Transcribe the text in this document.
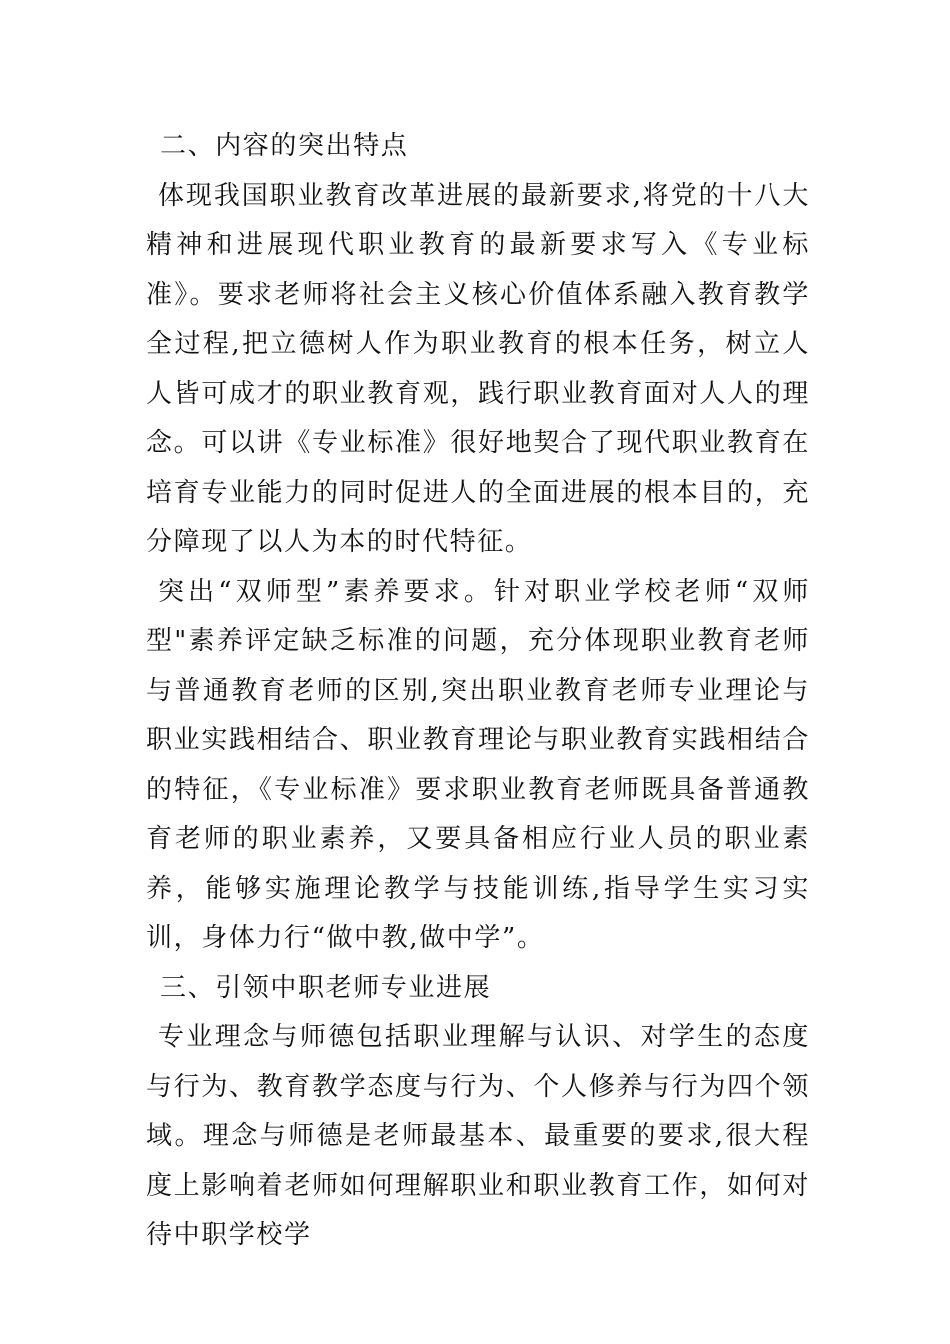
二、内容的突出特点

体现我国职业教育改革进展的最新要求,将党的十八大精神和进展现代职业教育的最新要求写入《专业标准》。要求老师将社会主义核心价值体系融入教育教学全过程,把立德树人作为职业教育的根本任务，树立人人皆可成才的职业教育观，践行职业教育面对人人的理念。可以讲《专业标准》很好地契合了现代职业教育在培育专业能力的同时促进人的全面进展的根本目的，充分障现了以人为本的时代特征。

突出“双师型”素养要求。针对职业学校老师“双师型"素养评定缺乏标准的问题，充分体现职业教育老师与普通教育老师的区别,突出职业教育老师专业理论与职业实践相结合、职业教育理论与职业教育实践相结合的特征，《专业标准》要求职业教育老师既具备普通教育老师的职业素养，又要具备相应行业人员的职业素养，能够实施理论教学与技能训练,指导学生实习实训，身体力行“做中教,做中学”。

三、引领中职老师专业进展

专业理念与师德包括职业理解与认识、对学生的态度与行为、教育教学态度与行为、个人修养与行为四个领域。理念与师德是老师最基本、最重要的要求,很大程度上影响着老师如何理解职业和职业教育工作，如何对待中职学校学
